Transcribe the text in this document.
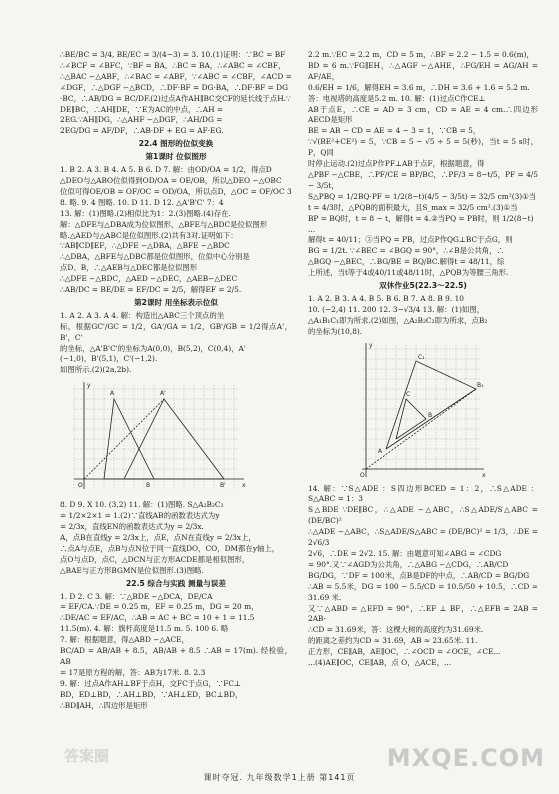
∴BE/BC = 3/4, BE/EC = 3/(4−3) = 3. 10.(1)证明：∵BC = BF

∴∠BCF = ∠BFC，∵BF = BA，∴BC = BA，∴∠ABC = ∠CBF，

∴△BAC ∽△ABF，∴∠BAC = ∠ABF，∵∠ABC = ∠CBF，∠ACD =

∠DGF，∴△DGF ∽△BCD，∴DF·BF = DG·BA，∴DF·BF = DG

·BC，∴AB/DG = BC/DF.(2)过点A作AH∥BC交CF的延长线于点H.∵

DE∥BC，∴AH∥DE，∵E为AC的中点，∴AH =

2EG.∵AH∥DG，∴△AHF ∽△DGF，∴AH/DG =

2EG/DG = AF/DF，∴AB·DF + EG = AF·EG.

22.4 图形的位似变换
第1课时 位似图形

1. B 2. A 3. B 4. A 5. B 6. D 7. 解：由OD/OA = 1/2，得点D

△DEO与△ABO位似得到OD/OA = OE/OB，所以△DEO ∽△OBC

位似可得OE/OB = OF/OC = OD/OA，所以点D，△OC = OF/OC 3

8. 略. 9. 4 图略. 10. D 11. D 12. △A'B'C' 7：4

13. 解：(1)图略.(2)相似比为1：2.(3)图略.(4)存在.

解：△DFE与△DBA成为位似图形，△BFE与△BDC是位似图形

略.△AED与△ABC是位似图形.(2)共有3对.证明如下：

∵AB∥CD∥EF，∴△DFE ∽△DBA，△BFE ∽△BDC

∴△DBA，△BFE与△DBC都是位似图形，位似中心分别是

点D、B，∴△AEB与△DEC都是位似图形

∴△DFE ∽△BDC，△AED ∽△DEC，△AEB∽△DEC

∴AB/DC = BE/DE = EF/DC = 2/5，解得EF = 2/5.

第2课时 用坐标表示位似

1. A 2. A 3. A 4. 解：构造出△ABC三个顶点的坐

标，根据GC'/GC = 1/2，GA'/GA = 1/2，GB'/GB = 1/2得点A'，B'，C'

的坐标，△A'B'C'的坐标为A(0,0)，B(5,2)，C(0,4)，A'

(−1,0)，B'(5,1)，C'(−1,2).

如图所示.(2)(2a,2b).

O	x
y
A	A'
B	B'

8. D 9. X 10. (3,2) 11. 解：(1)图略. S△A₂B₂C₂

= 1/2×2×1 = 1.(2)∵直线AB的函数表达式为y

= 2/3x，直线EN的函数表达式为y = 2/3x.

A，点B在直线y = 2/3x上，点E，点N在直线y = 2/3x上，

∴点A与点E，点B与点N位于同一直线DO，CO，DM都在y轴上，

点O与点D，点C，△DCN与正方形ACDE都是相似图形，

△BAE与正方形BGMN是位似图形.(3)图略.

22.5 综合与实践 测量与误差

1. D 2. C 3. 解：∵△BDE ∽△DCA，DE/CA

= EF/CA.∵DE = 0.25 m，EF = 0.25 m，DG = 20 m，

∴DE/AC = EF/AC，∴AB = AC + BC = 10 + 1 = 11.5

11.5(m). 4. 解：旗杆高度是11.5 m. 5. 100 6. 略

7. 解：根据题意，得△ABD ∽△ACE，

BC/AD = AB/AB + 8.5，AB/AB + 8.5 ∴AB = 17(m). 经检验，AB

= 17是原方程的解，答：AB为17米. 8. 2.3

9. 解：过点A作AH⊥BF于点H，交FC于点G，∵FC⊥

BD，ED⊥BD，∴AH⊥BD，∵AH⊥ED，BC⊥BD，

∴BD∥AH，∴四边形是矩形

2.2 m.∵EC = 2.2 m，CD = 5 m，∴BF = 2.2 − 1.5 = 0.6(m)，

BD = 6 m.∵FG∥EH，∴△AGF ∽△AHE，∴FG/EH = AG/AH = AF/AE，

0.6/EH = 1/6，解得EH = 3.6 m，∴DH = 3.6 + 1.6 = 5.2 m.

答：电视塔的高度是5.2 m. 10. 解：(1)过点C作CE⊥

AB于点E，∴CE = AD = 3 cm，CD = AE = 4 cm.∴四边形AECD是矩形

BE = AB − CD = AE = 4 − 3 = 1，∵CB = 5，

∵√(BE²+CE²) = 5，∵CB = 5 − √5 ÷ 5 = 5(秒)，当t = 5 s时，P，Q同

时停止运动.(2)过点P作PF⊥AB于点F，根据题意，得

△PBF ∽△CBE，∴PF/CE = BP/BC，∴PF/3 = 8−t/5，PF = 4/5 − 3/5t，

S△PBQ = 1/2BQ·PF = 1/2(8−t)(4/5 − 3/5t) = 32/5 cm²(3)①当

t = 4/3时，△PQB的面积最大，且S_max = 32/5 cm².(3)①当

BP = BQ时，t = 8 − t，解得t = 4.②当PQ = PB时，则 1/2(8−t)

...

解得t = 40/11；③当PQ = PB，过点P作QG⊥BC于点G，则

BG = 1/2t. ∵∠BEC = ∠BGQ = 90°，∴∠B是公共角，∴

△BGQ ∽△BEC，∴BG/BE = BQ/BC.解得t = 48/11，综

上所述，当t等于4或40/11或48/11时，△PQB为等腰三角形.

双休作业5(22.3～22.5)

1. A 2. B 3. A 4. B 5. B 6. B 7. A 8. B 9. 10

10. (−2,4) 11. 200 12. 3−√3/4 13. 解：(1)如图，

△A₁B₁C₁即为所求.(2)如图，△A₂B₂C₂即为所求，点B₂

的坐标为(10,8).

O	x
y
C₁
B₁
A
B
C

14. 解：∵S△ADE ：S四边形BCED = 1：2，∴S△ADE ：S△ABC = 1：3

S△BDE ∵DE∥BC，∴△ADE ∽△ABC，∴S△ADE/S△ABC = (DE/BC)²

∴△ADE ∽△ABC，∴S△ADE/S△ABC = (DE/BC)² = 1/3，∴DE = 2√6/3

2√6，∴DE = 2√2. 15. 解：由题意可知∠ABG = ∠CDG

= 90°.又∵∠AGD为公共角，∴△ABG ∽△CDG，∴AB/CD

BG/DG，∵DF = 100米，点B是DF的中点，∴AB/CD = BG/DG

∴AB = 5.5米，DG = 100 − 5.5/CD = 10.5/50 + 10.5，∴CD ≈ 31.69 米.

又∵△ABD = △EFD = 90°，∴EF ⊥ BF，∴△EFB = 2AB = 2AB·

∴CD = 31.69米，答：这棵大树的高度约为31.69米.

的距离之差约为CD ≈ 31.69，AB ≈ 23.65米. 11.

正方形，CE∥AB，AE∥OC，∴∠OCD = ∠OCE，∠CE...

...(4)AE∥OC，CE∥AB，点 O，△ACE，...

答案圈	MXQE.COM
课时夺冠. 九年级数学1上册 第141页
